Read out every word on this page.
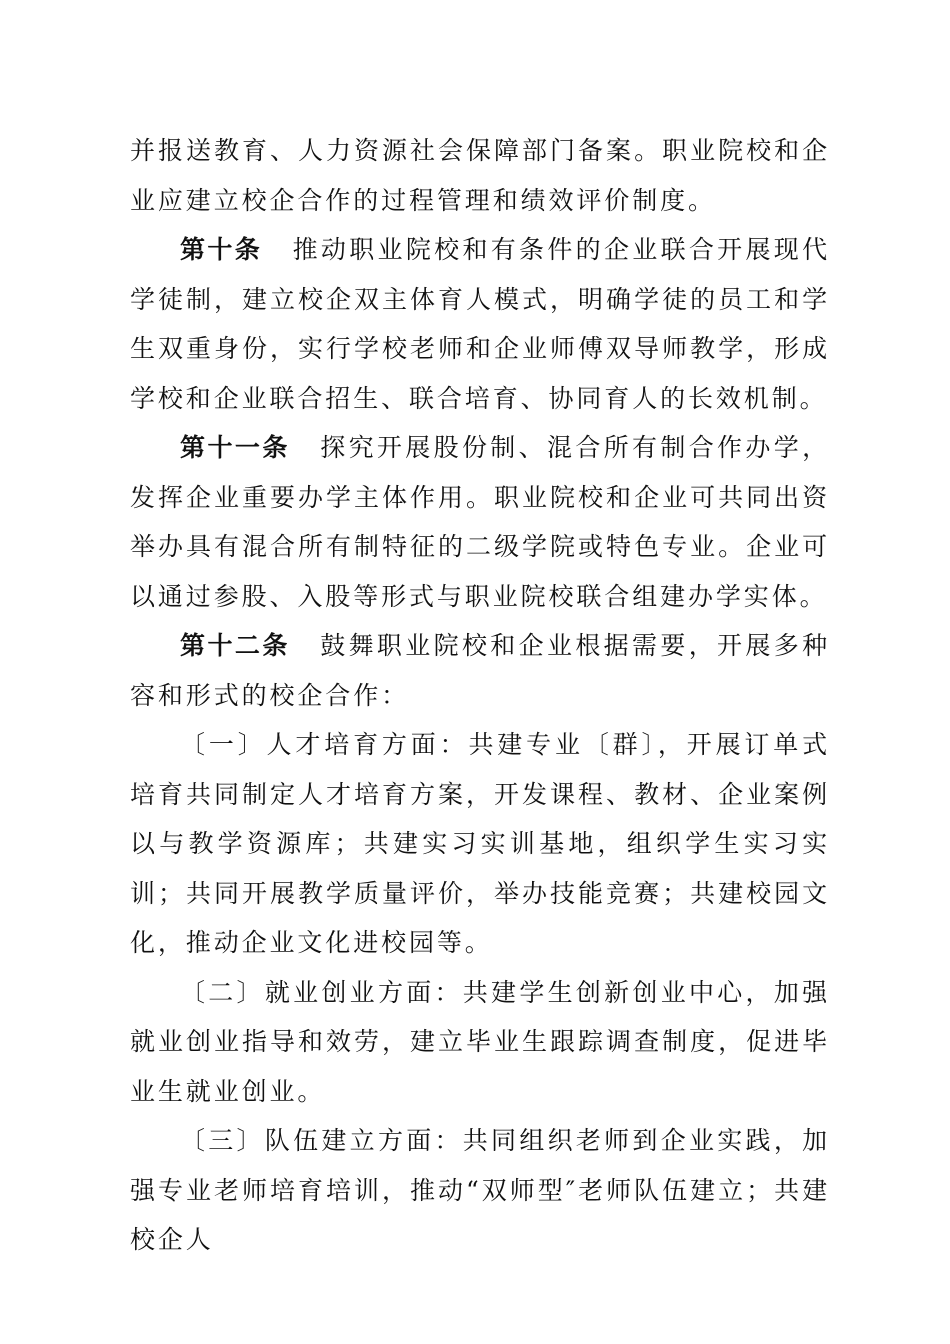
并报送教育、人力资源社会保障部门备案。职业院校和企业应建立校企合作的过程管理和绩效评价制度。

第十条 推动职业院校和有条件的企业联合开展现代学徒制，建立校企双主体育人模式，明确学徒的员工和学生双重身份，实行学校老师和企业师傅双导师教学，形成学校和企业联合招生、联合培育、协同育人的长效机制。

第十一条 探究开展股份制、混合所有制合作办学，发挥企业重要办学主体作用。职业院校和企业可共同出资举办具有混合所有制特征的二级学院或特色专业。企业可以通过参股、入股等形式与职业院校联合组建办学实体。

第十二条 鼓舞职业院校和企业根据需要，开展多种容和形式的校企合作：

〔一〕人才培育方面：共建专业〔群〕，开展订单式培育共同制定人才培育方案，开发课程、教材、企业案例以与教学资源库；共建实习实训基地，组织学生实习实训；共同开展教学质量评价，举办技能竞赛；共建校园文化，推动企业文化进校园等。

〔二〕就业创业方面：共建学生创新创业中心，加强就业创业指导和效劳，建立毕业生跟踪调查制度，促进毕业生就业创业。

〔三〕队伍建立方面：共同组织老师到企业实践，加强专业老师培育培训，推动“双师型″老师队伍建立；共建校企人
